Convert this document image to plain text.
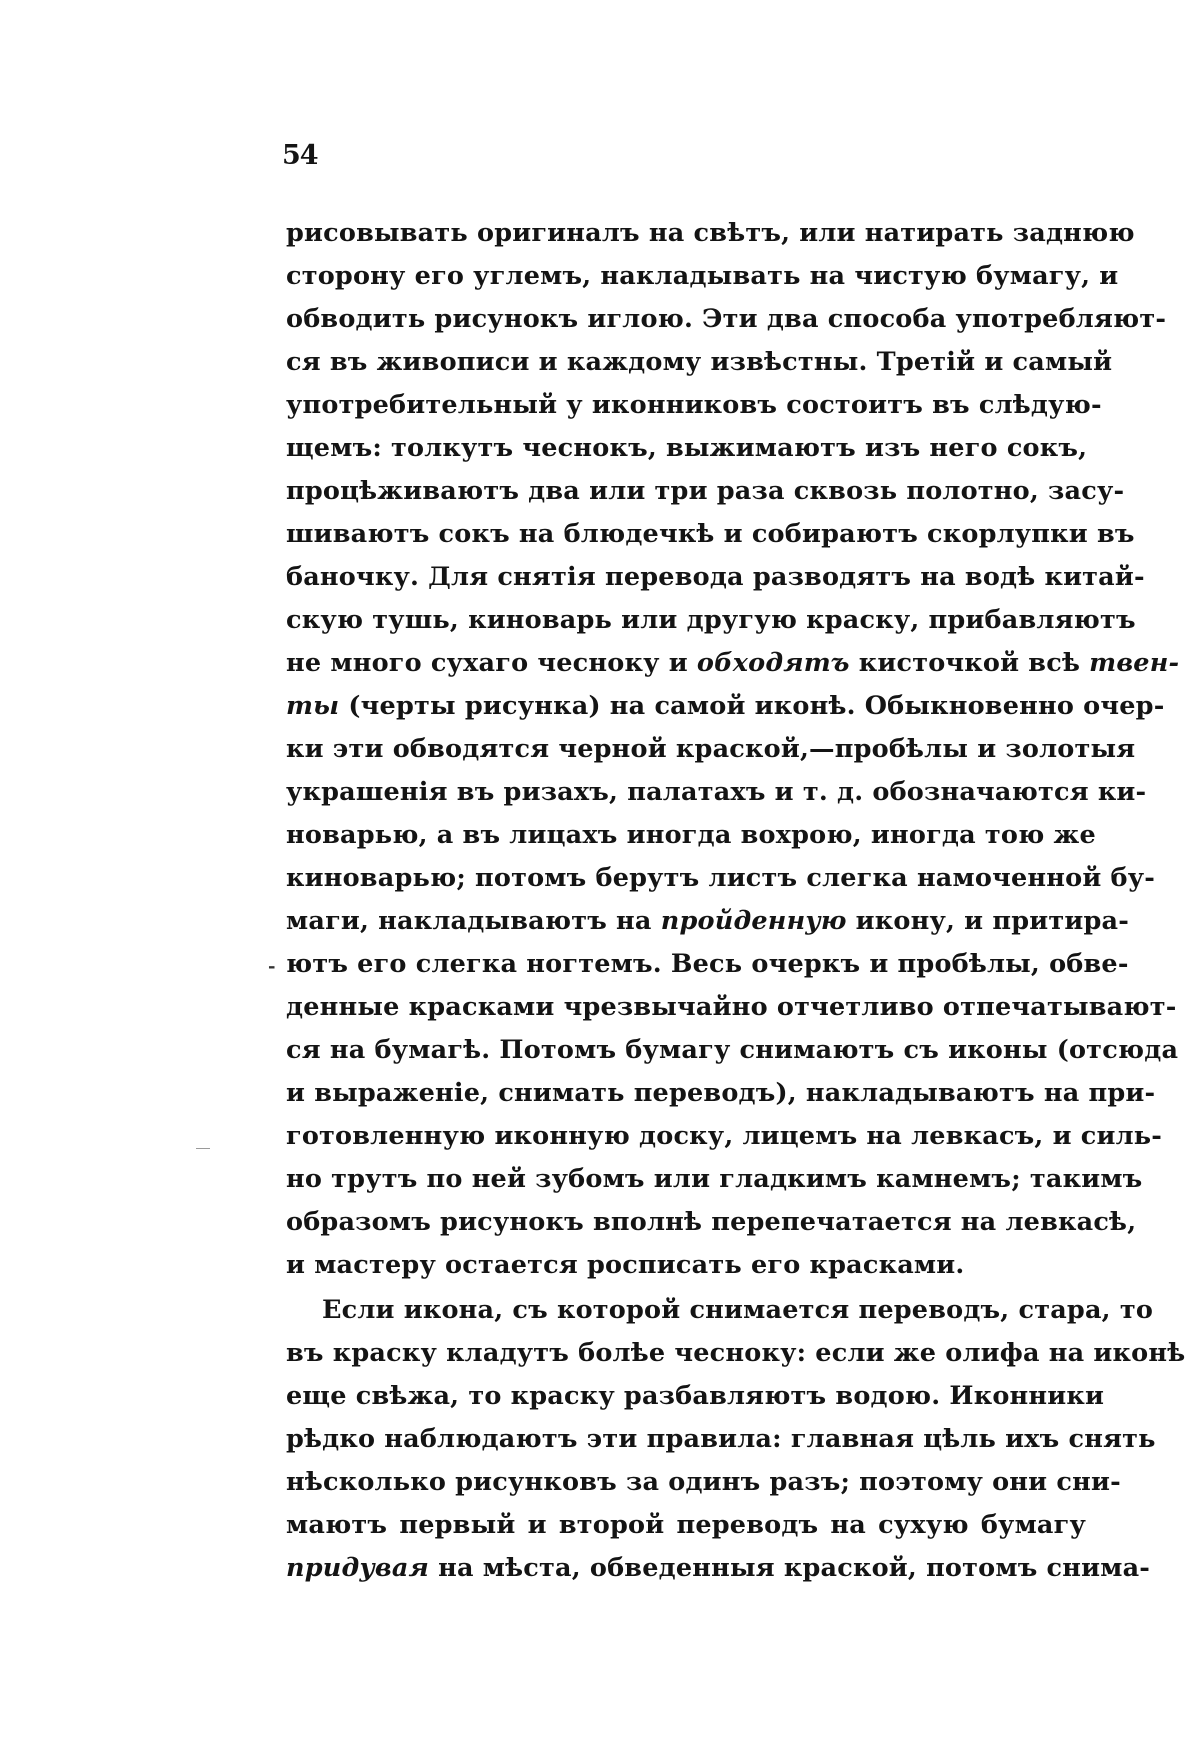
54
рисовывать оригиналъ на свѣтъ, или натирать заднюю
сторону его углемъ, накладывать на чистую бумагу, и
обводить рисунокъ иглою. Эти два способа употребляют-
ся въ живописи и каждому извѣстны. Третій и самый
употребительный у иконниковъ состоитъ въ слѣдую-
щемъ: толкутъ чеснокъ, выжимаютъ изъ него сокъ,
процѣживаютъ два или три раза сквозь полотно, засу-
шиваютъ сокъ на блюдечкѣ и собираютъ скорлупки въ
баночку. Для снятія перевода разводятъ на водѣ китай-
скую тушь, киноварь или другую краску, прибавляютъ
не много сухаго чесноку и обходятъ кисточкой всѣ твен-
ты (черты рисунка) на самой иконѣ. Обыкновенно очер-
ки эти обводятся черной краской,—пробѣлы и золотыя
украшенія въ ризахъ, палатахъ и т. д. обозначаются ки-
новарью, а въ лицахъ иногда вохрою, иногда тою же
киноварью; потомъ берутъ листъ слегка намоченной бу-
маги, накладываютъ на пройденную икону, и притира-
ютъ его слегка ногтемъ. Весь очеркъ и пробѣлы, обве-
денные красками чрезвычайно отчетливо отпечатывают-
ся на бумагѣ. Потомъ бумагу снимаютъ съ иконы (отсюда
и выраженіе, снимать переводъ), накладываютъ на при-
готовленную иконную доску, лицемъ на левкасъ, и силь-
но трутъ по ней зубомъ или гладкимъ камнемъ; такимъ
образомъ рисунокъ вполнѣ перепечатается на левкасѣ,
и мастеру остается росписать его красками.
Если икона, съ которой снимается переводъ, стара, то
въ краску кладутъ болѣе чесноку: если же олифа на иконѣ
еще свѣжа, то краску разбавляютъ водою. Иконники
рѣдко наблюдаютъ эти правила: главная цѣль ихъ снять
нѣсколько рисунковъ за одинъ разъ; поэтому они сни-
маютъ первый и второй переводъ на сухую бумагу
придувая на мѣста, обведенныя краской, потомъ снима-
-
